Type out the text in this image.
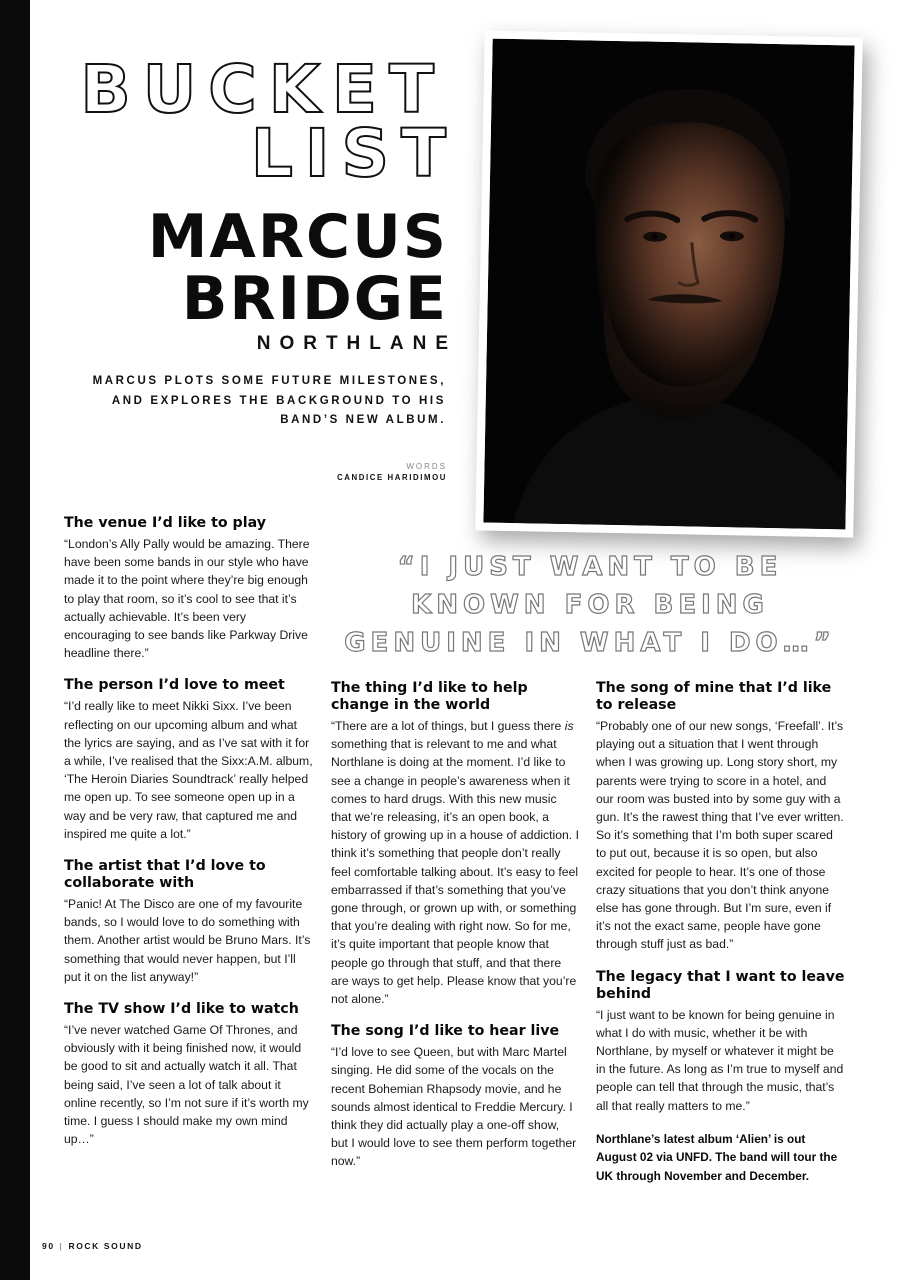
BUCKET
LIST
MARCUS
BRIDGE

NORTHLANE

MARCUS PLOTS SOME FUTURE MILESTONES, AND EXPLORES THE BACKGROUND TO HIS BAND’S NEW ALBUM.

WORDS
CANDICE HARIDIMOU

“I JUST WANT TO BE KNOWN FOR BEING GENUINE IN WHAT I DO…”

The venue I’d like to play

“London’s Ally Pally would be amazing. There have been some bands in our style who have made it to the point where they’re big enough to play that room, so it’s cool to see that it’s actually achievable. It’s been very encouraging to see bands like Parkway Drive headline there.”

The person I’d love to meet

“I’d really like to meet Nikki Sixx. I’ve been reflecting on our upcoming album and what the lyrics are saying, and as I’ve sat with it for a while, I’ve realised that the Sixx:A.M. album, ‘The Heroin Diaries Soundtrack’ really helped me open up. To see someone open up in a way and be very raw, that captured me and inspired me quite a lot.”

The artist that I’d love to collaborate with

“Panic! At The Disco are one of my favourite bands, so I would love to do something with them. Another artist would be Bruno Mars. It’s something that would never happen, but I’ll put it on the list anyway!”

The TV show I’d like to watch

“I’ve never watched Game Of Thrones, and obviously with it being finished now, it would be good to sit and actually watch it all. That being said, I’ve seen a lot of talk about it online recently, so I’m not sure if it’s worth my time. I guess I should make my own mind up…”

The thing I’d like to help change in the world

“There are a lot of things, but I guess there is something that is relevant to me and what Northlane is doing at the moment. I’d like to see a change in people’s awareness when it comes to hard drugs. With this new music that we’re releasing, it’s an open book, a history of growing up in a house of addiction. I think it’s something that people don’t really feel comfortable talking about. It’s easy to feel embarrassed if that’s something that you’ve gone through, or grown up with, or something that you’re dealing with right now. So for me, it’s quite important that people know that people go through that stuff, and that there are ways to get help. Please know that you’re not alone.”

The song I’d like to hear live

“I’d love to see Queen, but with Marc Martel singing. He did some of the vocals on the recent Bohemian Rhapsody movie, and he sounds almost identical to Freddie Mercury. I think they did actually play a one-off show, but I would love to see them perform together now.”

The song of mine that I’d like to release

“Probably one of our new songs, ‘Freefall’. It’s playing out a situation that I went through when I was growing up. Long story short, my parents were trying to score in a hotel, and our room was busted into by some guy with a gun. It’s the rawest thing that I’ve ever written. So it’s something that I’m both super scared to put out, because it is so open, but also excited for people to hear. It’s one of those crazy situations that you don’t think anyone else has gone through. But I’m sure, even if it’s not the exact same, people have gone through stuff just as bad.”

The legacy that I want to leave behind

“I just want to be known for being genuine in what I do with music, whether it be with Northlane, by myself or whatever it might be in the future. As long as I’m true to myself and people can tell that through the music, that’s all that really matters to me.”

Northlane’s latest album ‘Alien’ is out August 02 via UNFD. The band will tour the UK through November and December.

90 | ROCK SOUND
